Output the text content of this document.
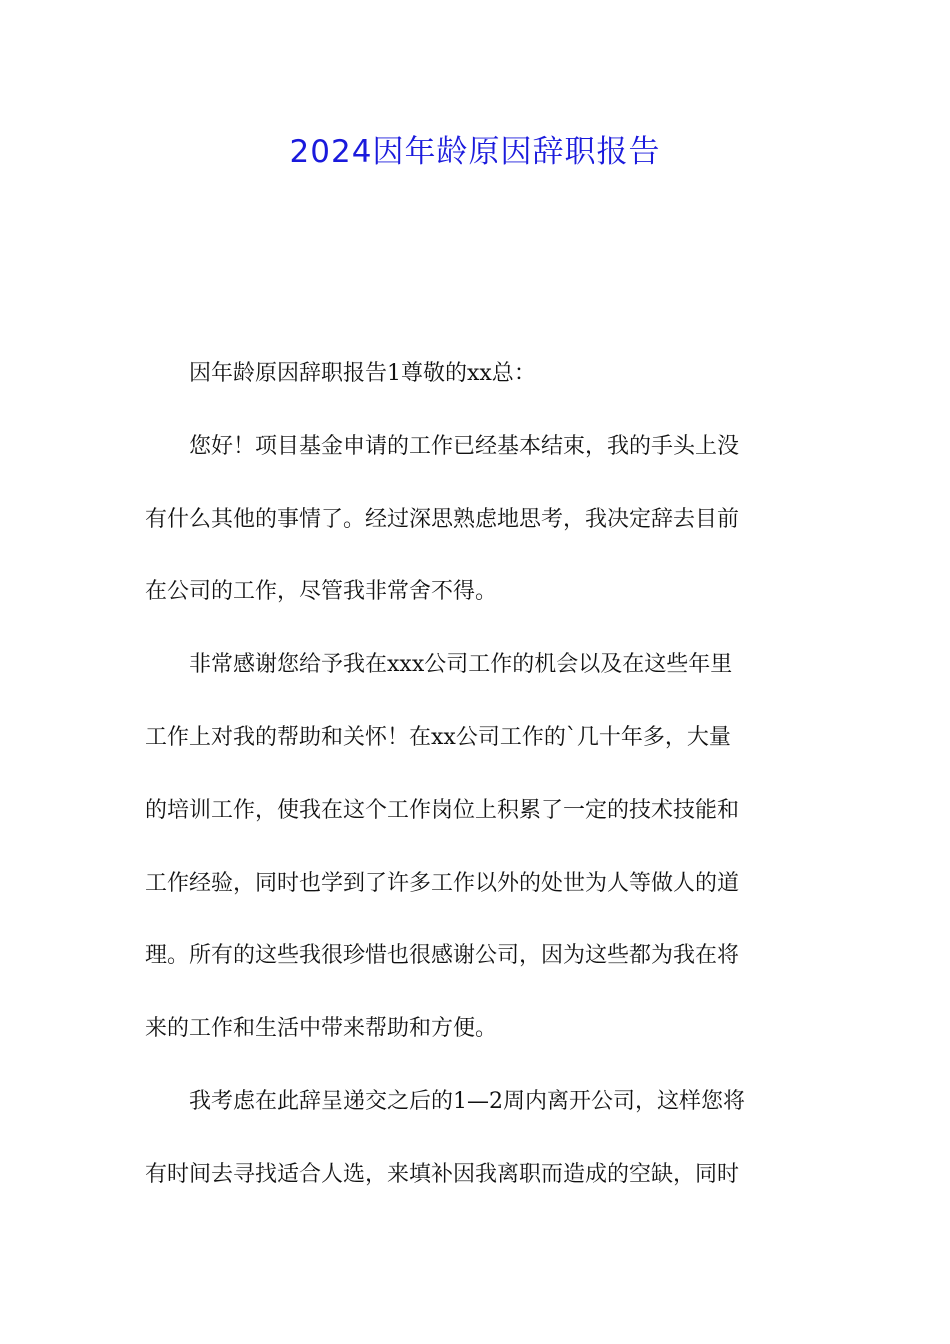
2024因年龄原因辞职报告

因年龄原因辞职报告1尊敬的xx总：

您好！项目基金申请的工作已经基本结束，我的手头上没
有什么其他的事情了。经过深思熟虑地思考，我决定辞去目前
在公司的工作，尽管我非常舍不得。

非常感谢您给予我在xxx公司工作的机会以及在这些年里
工作上对我的帮助和关怀！在xx公司工作的`几十年多，大量
的培训工作，使我在这个工作岗位上积累了一定的技术技能和
工作经验，同时也学到了许多工作以外的处世为人等做人的道
理。所有的这些我很珍惜也很感谢公司，因为这些都为我在将
来的工作和生活中带来帮助和方便。

我考虑在此辞呈递交之后的1—2周内离开公司，这样您将
有时间去寻找适合人选，来填补因我离职而造成的空缺，同时
